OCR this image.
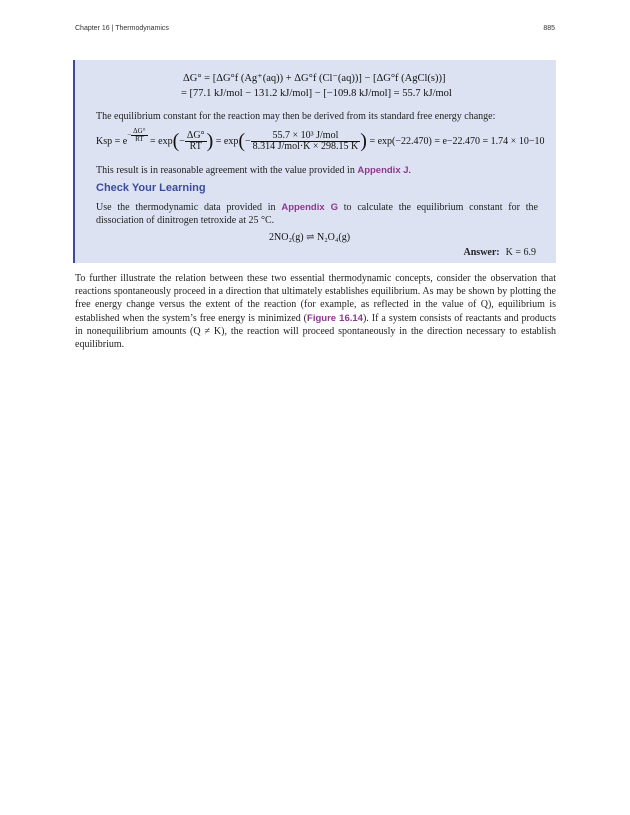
Chapter 16 | Thermodynamics	885
ΔG° = [ΔG°f (Ag⁺(aq)) + ΔG°f (Cl⁻(aq))] − [ΔG°f (AgCl(s))]
= [77.1 kJ/mol − 131.2 kJ/mol] − [−109.8 kJ/mol] = 55.7 kJ/mol
The equilibrium constant for the reaction may then be derived from its standard free energy change:
Ksp = $e^{- \frac{\Delta G^\circ}{RT}} = \exp(- \frac{\Delta G^\circ}{RT}$ ) = $\exp(- \frac{\text{55.7 × 10³ J/mol}}{\text{8.314 J/mol·K × 298.15 K}}$ ) = exp(−22.470) = e−22.470 = 1.74 × 10−10
This result is in reasonable agreement with the value provided in Appendix J.
Check Your Learning
Use the thermodynamic data provided in Appendix G to calculate the equilibrium constant for the dissociation of dinitrogen tetroxide at 25 °C.
2NO₂(g) ⇌ N₂O₄(g)
Answer: K = 6.9
To further illustrate the relation between these two essential thermodynamic concepts, consider the observation that reactions spontaneously proceed in a direction that ultimately establishes equilibrium. As may be shown by plotting the free energy change versus the extent of the reaction (for example, as reflected in the value of Q), equilibrium is established when the system’s free energy is minimized (Figure 16.14). If a system consists of reactants and products in nonequilibrium amounts (Q ≠ K), the reaction will proceed spontaneously in the direction necessary to establish equilibrium.
